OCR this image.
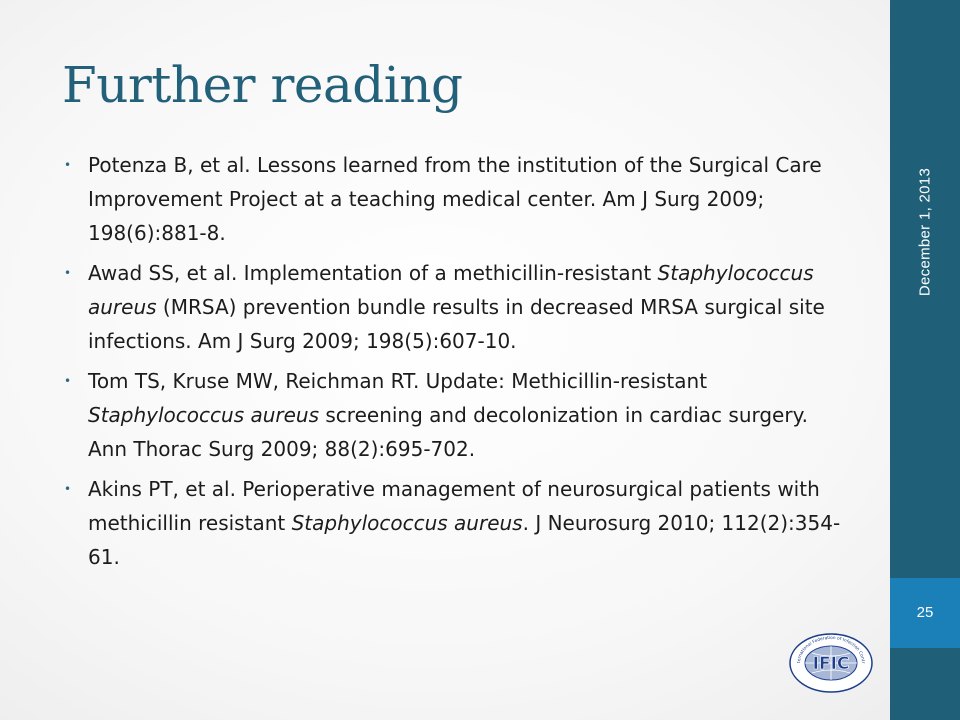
Further reading
• Potenza B, et al. Lessons learned from the institution of the Surgical Care Improvement Project at a teaching medical center. Am J Surg 2009; 198(6):881-8.
• Awad SS, et al. Implementation of a methicillin-resistant Staphylococcus aureus (MRSA) prevention bundle results in decreased MRSA surgical site infections. Am J Surg 2009; 198(5):607-10.
• Tom TS, Kruse MW, Reichman RT. Update: Methicillin-resistant Staphylococcus aureus screening and decolonization in cardiac surgery. Ann Thorac Surg 2009; 88(2):695-702.
• Akins PT, et al. Perioperative management of neurosurgical patients with methicillin resistant Staphylococcus aureus. J Neurosurg 2010; 112(2):354-61.
December 1, 2013
25
IFIC
ternational Federation of Infection Contr
